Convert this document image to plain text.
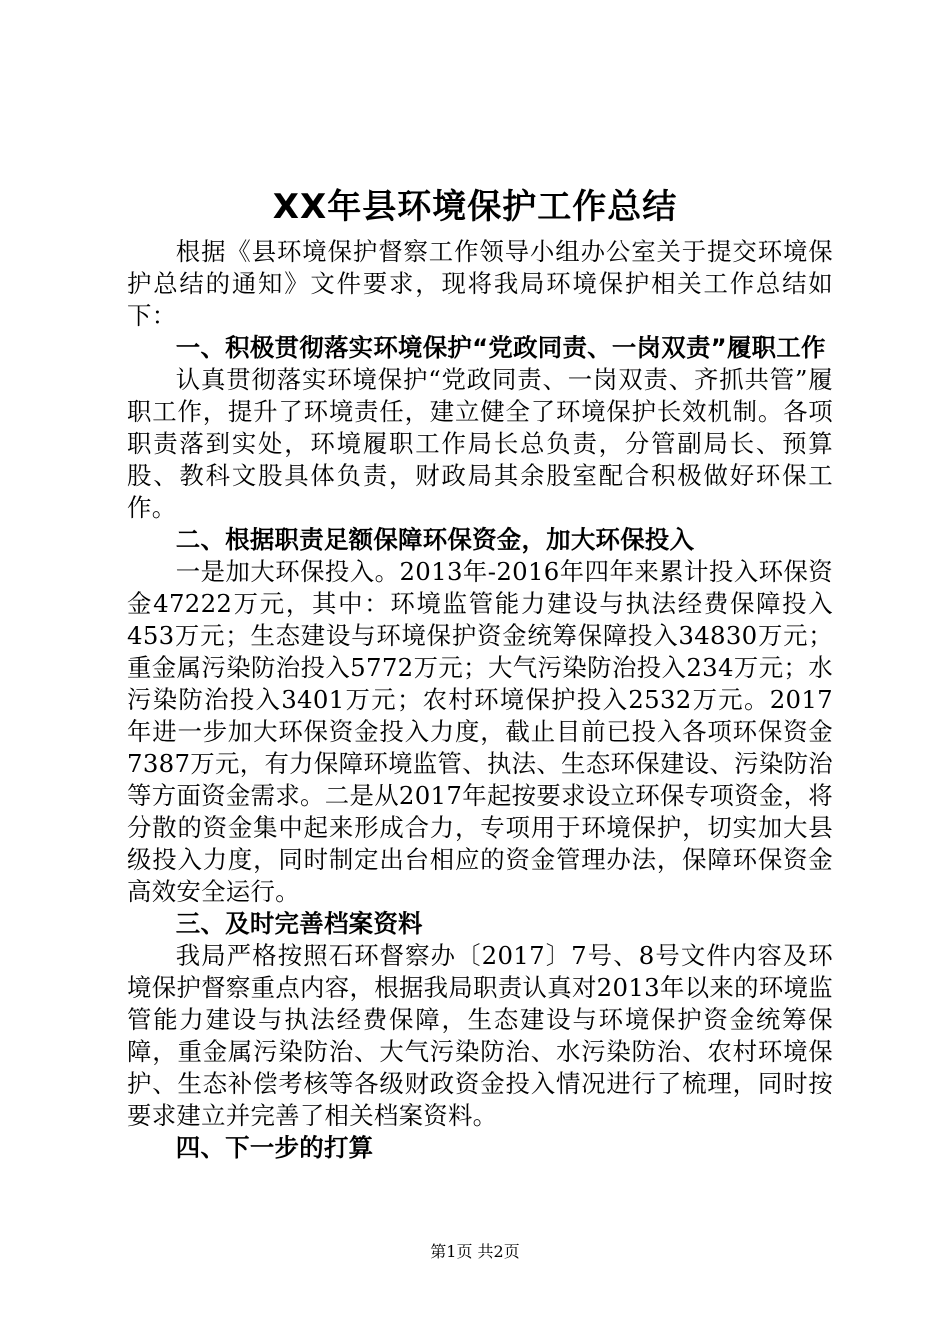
XX年县环境保护工作总结

根据《县环境保护督察工作领导小组办公室关于提交环境保护总结的通知》文件要求，现将我局环境保护相关工作总结如下：

一、积极贯彻落实环境保护“党政同责、一岗双责”履职工作

认真贯彻落实环境保护“党政同责、一岗双责、齐抓共管”履职工作，提升了环境责任，建立健全了环境保护长效机制。各项职责落到实处，环境履职工作局长总负责，分管副局长、预算股、教科文股具体负责，财政局其余股室配合积极做好环保工作。

二、根据职责足额保障环保资金，加大环保投入

一是加大环保投入。2013年-2016年四年来累计投入环保资金47222万元，其中：环境监管能力建设与执法经费保障投入453万元；生态建设与环境保护资金统筹保障投入34830万元；重金属污染防治投入5772万元；大气污染防治投入234万元；水污染防治投入3401万元；农村环境保护投入2532万元。2017年进一步加大环保资金投入力度，截止目前已投入各项环保资金7387万元，有力保障环境监管、执法、生态环保建设、污染防治等方面资金需求。二是从2017年起按要求设立环保专项资金，将分散的资金集中起来形成合力，专项用于环境保护，切实加大县级投入力度，同时制定出台相应的资金管理办法，保障环保资金高效安全运行。

三、及时完善档案资料

我局严格按照石环督察办〔2017〕7号、8号文件内容及环境保护督察重点内容，根据我局职责认真对2013年以来的环境监管能力建设与执法经费保障，生态建设与环境保护资金统筹保障，重金属污染防治、大气污染防治、水污染防治、农村环境保护、生态补偿考核等各级财政资金投入情况进行了梳理，同时按要求建立并完善了相关档案资料。

四、下一步的打算

第1页 共2页
